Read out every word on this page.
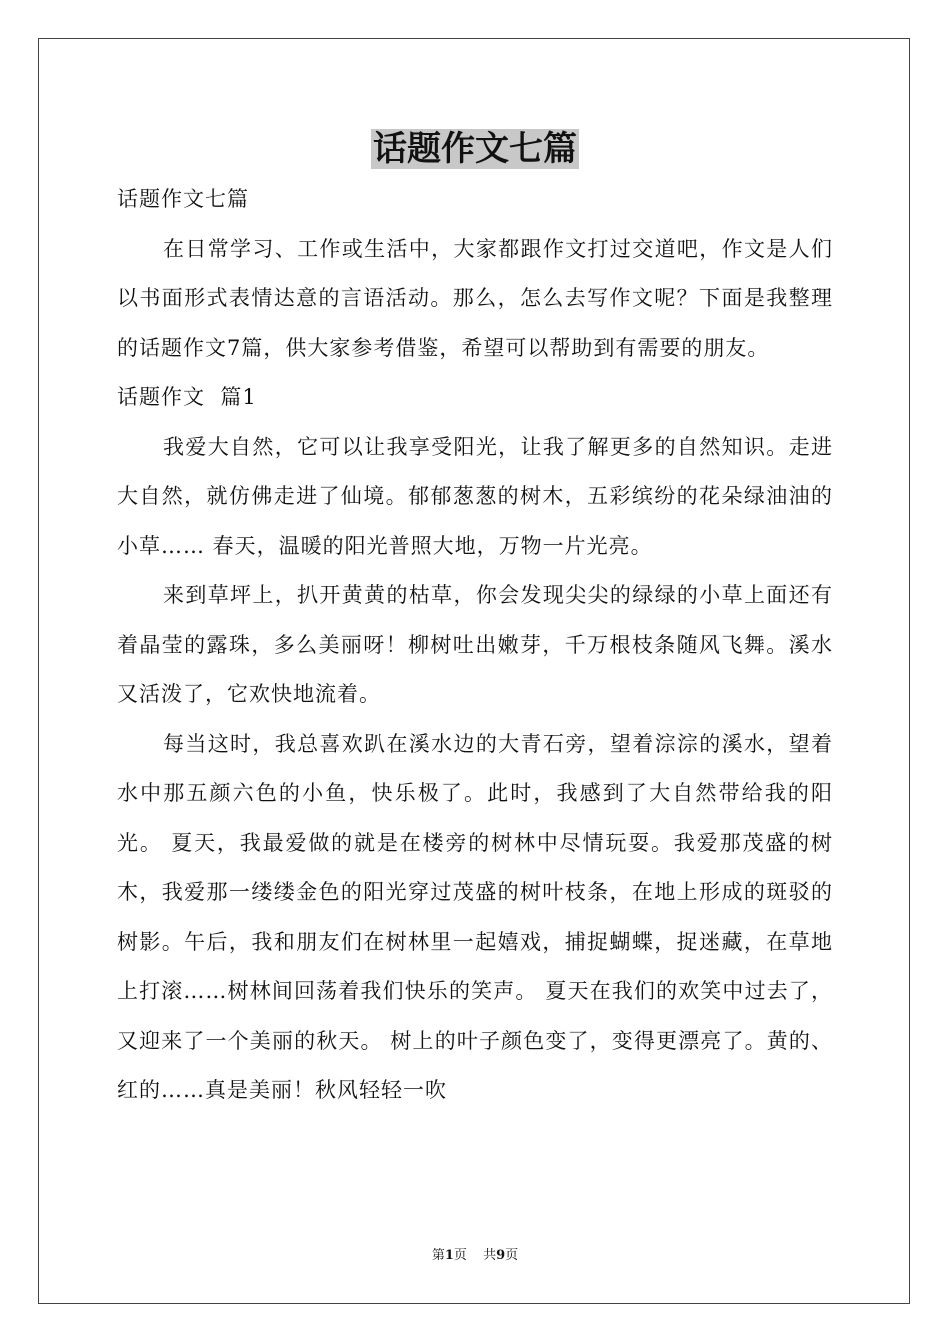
话题作文七篇

话题作文七篇

在日常学习、工作或生活中，大家都跟作文打过交道吧，作文是人们以书面形式表情达意的言语活动。那么，怎么去写作文呢？下面是我整理的话题作文7篇，供大家参考借鉴，希望可以帮助到有需要的朋友。

话题作文  篇1

我爱大自然，它可以让我享受阳光，让我了解更多的自然知识。走进大自然，就仿佛走进了仙境。郁郁葱葱的树木，五彩缤纷的花朵绿油油的小草…… 春天，温暖的阳光普照大地，万物一片光亮。

来到草坪上，扒开黄黄的枯草，你会发现尖尖的绿绿的小草上面还有着晶莹的露珠，多么美丽呀！柳树吐出嫩芽，千万根枝条随风飞舞。溪水又活泼了，它欢快地流着。

每当这时，我总喜欢趴在溪水边的大青石旁，望着淙淙的溪水，望着水中那五颜六色的小鱼，快乐极了。此时，我感到了大自然带给我的阳光。 夏天，我最爱做的就是在楼旁的树林中尽情玩耍。我爱那茂盛的树木，我爱那一缕缕金色的阳光穿过茂盛的树叶枝条，在地上形成的斑驳的树影。午后，我和朋友们在树林里一起嬉戏，捕捉蝴蝶，捉迷藏，在草地上打滚……树林间回荡着我们快乐的笑声。 夏天在我们的欢笑中过去了，又迎来了一个美丽的秋天。 树上的叶子颜色变了，变得更漂亮了。黄的、红的……真是美丽！秋风轻轻一吹

第1页 共9页
